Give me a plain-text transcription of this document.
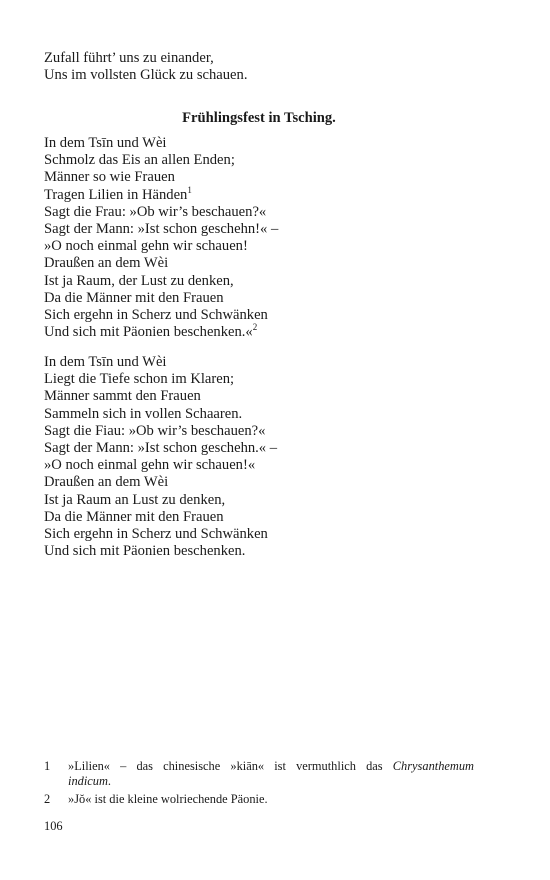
Zufall führt’ uns zu einander,
Uns im vollsten Glück zu schauen.
Frühlingsfest in Tsching.
In dem Tsīn und Wèi
Schmolz das Eis an allen Enden;
Männer so wie Frauen
Tragen Lilien in Händen$^1$
Sagt die Frau: »Ob wir’s beschauen?«
Sagt der Mann: »Ist schon geschehn!« –
»O noch einmal gehn wir schauen!
Draußen an dem Wèi
Ist ja Raum, der Lust zu denken,
Da die Männer mit den Frauen
Sich ergehn in Scherz und Schwänken
Und sich mit Päonien beschenken.«$^2$
In dem Tsīn und Wèi
Liegt die Tiefe schon im Klaren;
Männer sammt den Frauen
Sammeln sich in vollen Schaaren.
Sagt die Fiau: »Ob wir’s beschauen?«
Sagt der Mann: »Ist schon geschehn.« –
»O noch einmal gehn wir schauen!«
Draußen an dem Wèi
Ist ja Raum an Lust zu denken,
Da die Männer mit den Frauen
Sich ergehn in Scherz und Schwänken
Und sich mit Päonien beschenken.
1 »Lilien« – das chinesische »kiān« ist vermuthlich das Chrysanthemum
indicum.
2 »Jŏ« ist die kleine wolriechende Päonie.
106
